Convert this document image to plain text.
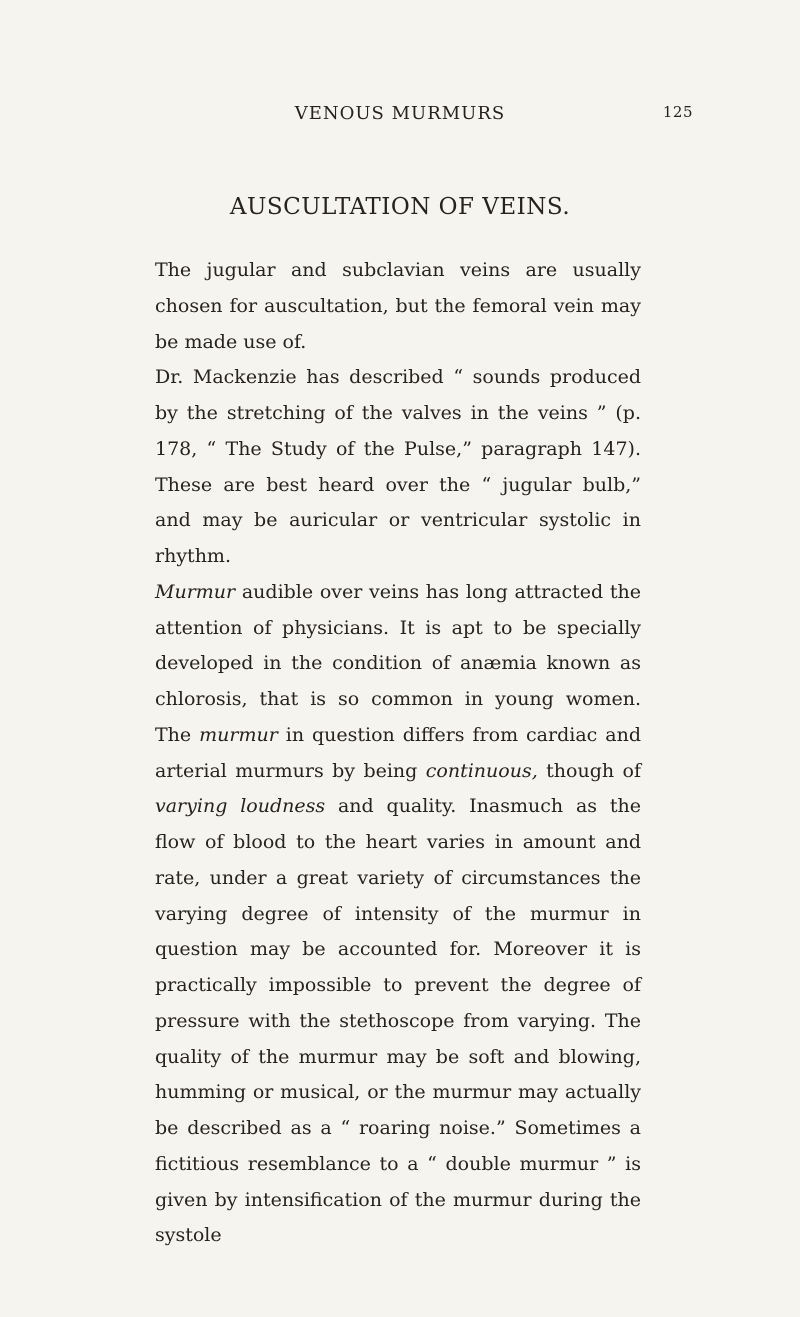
VENOUS MURMURS	125
AUSCULTATION OF VEINS.

The jugular and subclavian veins are usually chosen for auscultation, but the femoral vein may be made use of.

Dr. Mackenzie has described “ sounds produced by the stretching of the valves in the veins ” (p. 178, “ The Study of the Pulse,” paragraph 147). These are best heard over the “ jugular bulb,” and may be auricular or ventricular systolic in rhythm.

Murmur audible over veins has long attracted the attention of physicians. It is apt to be specially developed in the condition of anæmia known as chlorosis, that is so common in young women. The murmur in question differs from cardiac and arterial murmurs by being continuous, though of varying loudness and quality. Inasmuch as the flow of blood to the heart varies in amount and rate, under a great variety of circumstances the varying degree of intensity of the murmur in question may be accounted for. Moreover it is practically impossible to prevent the degree of pressure with the stethoscope from varying. The quality of the murmur may be soft and blowing, humming or musical, or the murmur may actually be described as a “ roaring noise.” Sometimes a fictitious resemblance to a “ double murmur ” is given by intensification of the murmur during the systole
